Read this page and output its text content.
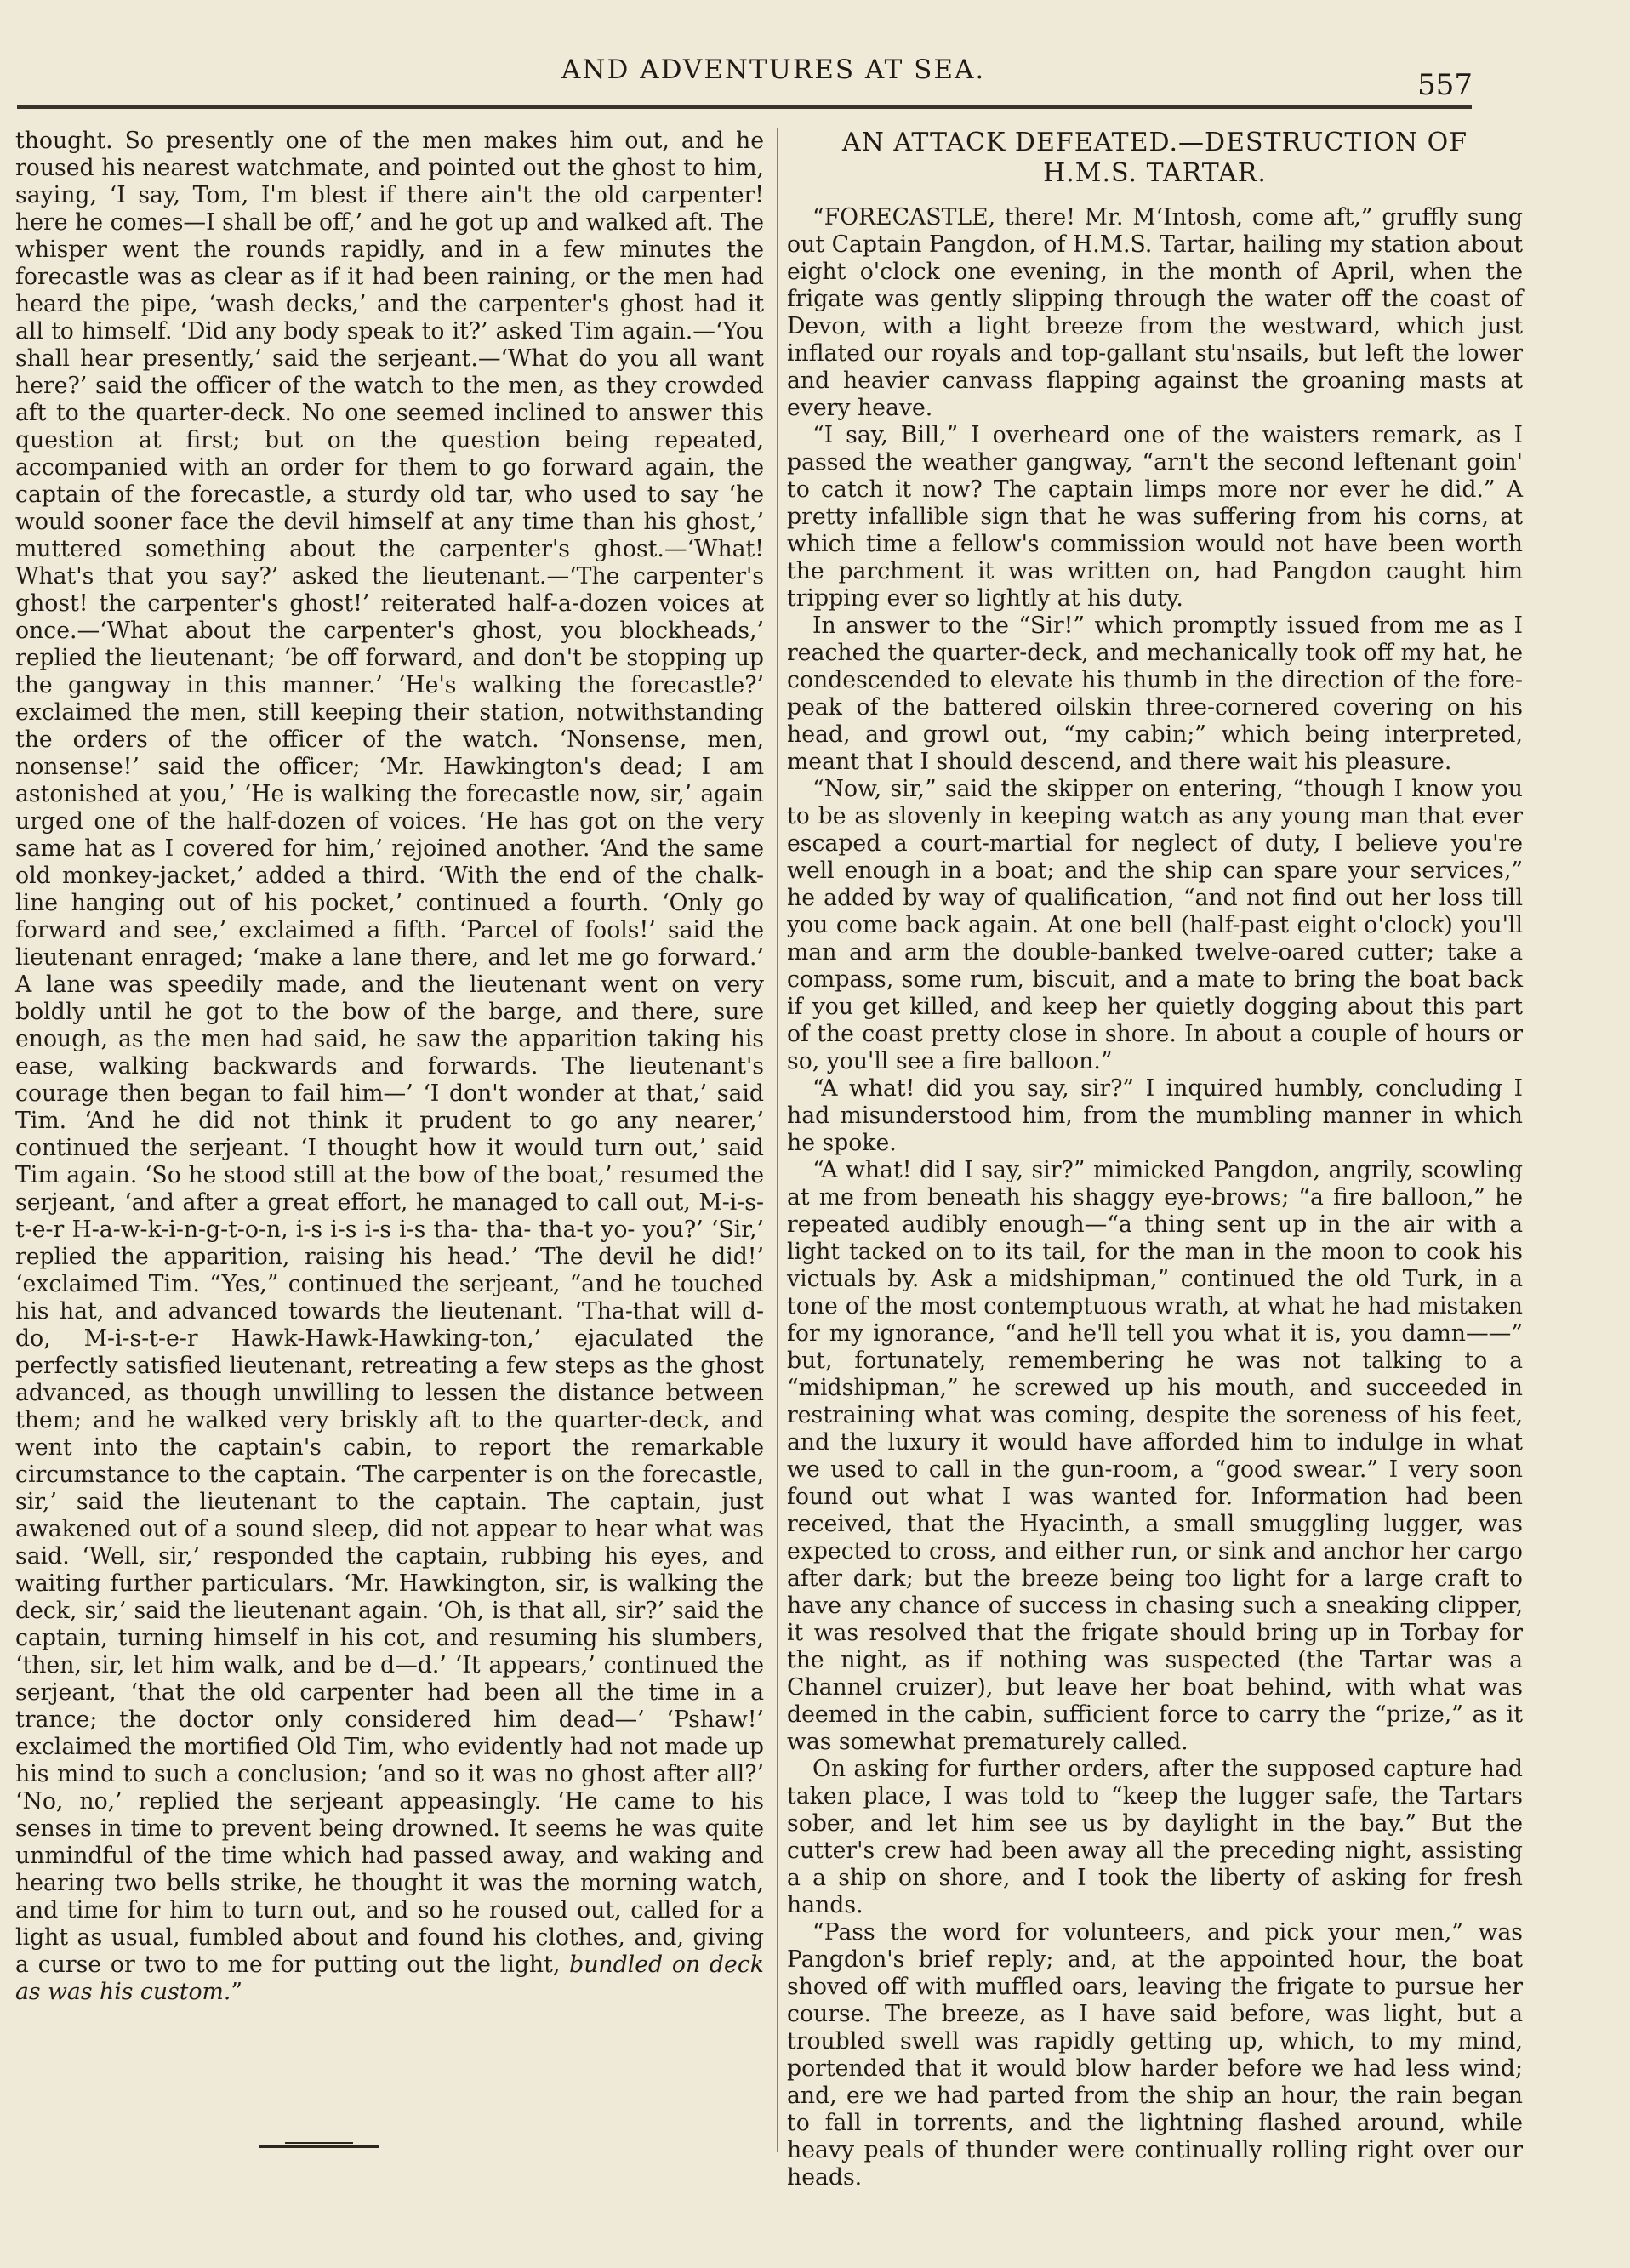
AND ADVENTURES AT SEA.	557

thought. So presently one of the men makes him out, and he roused his nearest watchmate, and pointed out the ghost to him, saying, ‘I say, Tom, I'm blest if there ain't the old carpenter! here he comes—I shall be off,’ and he got up and walked aft. The whisper went the rounds rapidly, and in a few minutes the forecastle was as clear as if it had been raining, or the men had heard the pipe, ‘wash decks,’ and the carpenter's ghost had it all to himself. ‘Did any body speak to it?’ asked Tim again.—‘You shall hear presently,’ said the serjeant.—‘What do you all want here?’ said the officer of the watch to the men, as they crowded aft to the quarter-deck. No one seemed inclined to answer this question at first; but on the question being repeated, accompanied with an order for them to go forward again, the captain of the forecastle, a sturdy old tar, who used to say ‘he would sooner face the devil himself at any time than his ghost,’ muttered something about the carpenter's ghost.—‘What! What's that you say?’ asked the lieutenant.—‘The carpenter's ghost! the carpenter's ghost!’ reiterated half-a-dozen voices at once.—‘What about the carpenter's ghost, you blockheads,’ replied the lieutenant; ‘be off forward, and don't be stopping up the gangway in this manner.’ ‘He's walking the forecastle?’ exclaimed the men, still keeping their station, notwithstanding the orders of the officer of the watch. ‘Nonsense, men, nonsense!’ said the officer; ‘Mr. Hawkington's dead; I am astonished at you,’ ‘He is walking the forecastle now, sir,’ again urged one of the half-dozen of voices. ‘He has got on the very same hat as I covered for him,’ rejoined another. ‘And the same old monkey-jacket,’ added a third. ‘With the end of the chalk-line hanging out of his pocket,’ continued a fourth. ‘Only go forward and see,’ exclaimed a fifth. ‘Parcel of fools!’ said the lieutenant enraged; ‘make a lane there, and let me go forward.’ A lane was speedily made, and the lieutenant went on very boldly until he got to the bow of the barge, and there, sure enough, as the men had said, he saw the apparition taking his ease, walking backwards and forwards. The lieutenant's courage then began to fail him—’ ‘I don't wonder at that,’ said Tim. ‘And he did not think it prudent to go any nearer,’ continued the serjeant. ‘I thought how it would turn out,’ said Tim again. ‘So he stood still at the bow of the boat,’ resumed the serjeant, ‘and after a great effort, he managed to call out, M-i-s-t-e-r H-a-w-k-i-n-g-t-o-n, i-s i-s i-s i-s tha- tha- tha-t yo- you?’ ‘Sir,’ replied the apparition, raising his head.’ ‘The devil he did!’ ‘exclaimed Tim. “Yes,” continued the serjeant, “and he touched his hat, and advanced towards the lieutenant. ‘Tha-that will d-do, M-i-s-t-e-r Hawk-Hawk-Hawking-ton,’ ejaculated the perfectly satisfied lieutenant, retreating a few steps as the ghost advanced, as though unwilling to lessen the distance between them; and he walked very briskly aft to the quarter-deck, and went into the captain's cabin, to report the remarkable circumstance to the captain. ‘The carpenter is on the forecastle, sir,’ said the lieutenant to the captain. The captain, just awakened out of a sound sleep, did not appear to hear what was said. ‘Well, sir,’ responded the captain, rubbing his eyes, and waiting further particulars. ‘Mr. Hawkington, sir, is walking the deck, sir,’ said the lieutenant again. ‘Oh, is that all, sir?’ said the captain, turning himself in his cot, and resuming his slumbers, ‘then, sir, let him walk, and be d—d.’ ‘It appears,’ continued the serjeant, ‘that the old carpenter had been all the time in a trance; the doctor only considered him dead—’ ‘Pshaw!’ exclaimed the mortified Old Tim, who evidently had not made up his mind to such a conclusion; ‘and so it was no ghost after all?’ ‘No, no,’ replied the serjeant appeasingly. ‘He came to his senses in time to prevent being drowned. It seems he was quite unmindful of the time which had passed away, and waking and hearing two bells strike, he thought it was the morning watch, and time for him to turn out, and so he roused out, called for a light as usual, fumbled about and found his clothes, and, giving a curse or two to me for putting out the light, bundled on deck as was his custom.”

AN ATTACK DEFEATED.—DESTRUCTION OF
H.M.S. TARTAR.

“FORECASTLE, there! Mr. M‘Intosh, come aft,” gruffly sung out Captain Pangdon, of H.M.S. Tartar, hailing my station about eight o'clock one evening, in the month of April, when the frigate was gently slipping through the water off the coast of Devon, with a light breeze from the westward, which just inflated our royals and top-gallant stu'nsails, but left the lower and heavier canvass flapping against the groaning masts at every heave.

“I say, Bill,” I overheard one of the waisters remark, as I passed the weather gangway, “arn't the second leftenant goin' to catch it now? The captain limps more nor ever he did.” A pretty infallible sign that he was suffering from his corns, at which time a fellow's commission would not have been worth the parchment it was written on, had Pangdon caught him tripping ever so lightly at his duty.

In answer to the “Sir!” which promptly issued from me as I reached the quarter-deck, and mechanically took off my hat, he condescended to elevate his thumb in the direction of the fore-peak of the battered oilskin three-cornered covering on his head, and growl out, “my cabin;” which being interpreted, meant that I should descend, and there wait his pleasure.

“Now, sir,” said the skipper on entering, “though I know you to be as slovenly in keeping watch as any young man that ever escaped a court-martial for neglect of duty, I believe you're well enough in a boat; and the ship can spare your services,” he added by way of qualification, “and not find out her loss till you come back again. At one bell (half-past eight o'clock) you'll man and arm the double-banked twelve-oared cutter; take a compass, some rum, biscuit, and a mate to bring the boat back if you get killed, and keep her quietly dogging about this part of the coast pretty close in shore. In about a couple of hours or so, you'll see a fire balloon.”

“A what! did you say, sir?” I inquired humbly, concluding I had misunderstood him, from the mumbling manner in which he spoke.

“A what! did I say, sir?” mimicked Pangdon, angrily, scowling at me from beneath his shaggy eye-brows; “a fire balloon,” he repeated audibly enough—“a thing sent up in the air with a light tacked on to its tail, for the man in the moon to cook his victuals by. Ask a midshipman,” continued the old Turk, in a tone of the most contemptuous wrath, at what he had mistaken for my ignorance, “and he'll tell you what it is, you damn——” but, fortunately, remembering he was not talking to a “midshipman,” he screwed up his mouth, and succeeded in restraining what was coming, despite the soreness of his feet, and the luxury it would have afforded him to indulge in what we used to call in the gun-room, a “good swear.” I very soon found out what I was wanted for. Information had been received, that the Hyacinth, a small smuggling lugger, was expected to cross, and either run, or sink and anchor her cargo after dark; but the breeze being too light for a large craft to have any chance of success in chasing such a sneaking clipper, it was resolved that the frigate should bring up in Torbay for the night, as if nothing was suspected (the Tartar was a Channel cruizer), but leave her boat behind, with what was deemed in the cabin, sufficient force to carry the “prize,” as it was somewhat prematurely called.

On asking for further orders, after the supposed capture had taken place, I was told to “keep the lugger safe, the Tartars sober, and let him see us by daylight in the bay.” But the cutter's crew had been away all the preceding night, assisting a a ship on shore, and I took the liberty of asking for fresh hands.

“Pass the word for volunteers, and pick your men,” was Pangdon's brief reply; and, at the appointed hour, the boat shoved off with muffled oars, leaving the frigate to pursue her course. The breeze, as I have said before, was light, but a troubled swell was rapidly getting up, which, to my mind, portended that it would blow harder before we had less wind; and, ere we had parted from the ship an hour, the rain began to fall in torrents, and the lightning flashed around, while heavy peals of thunder were continually rolling right over our heads.
